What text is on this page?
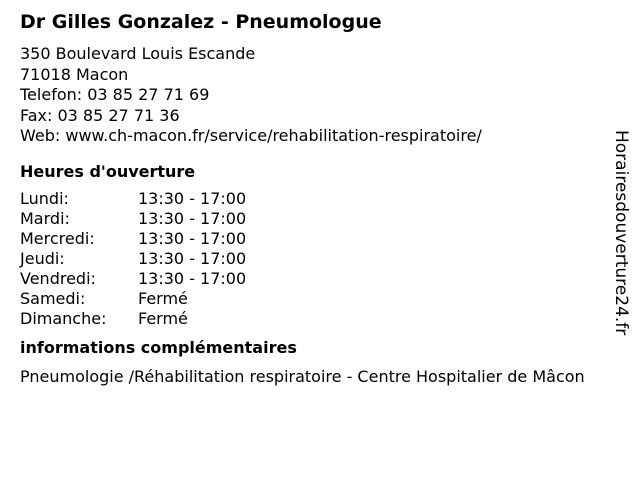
Dr Gilles Gonzalez - Pneumologue
350 Boulevard Louis Escande
71018 Macon
Telefon: 03 85 27 71 69
Fax: 03 85 27 71 36
Web: www.ch-macon.fr/service/rehabilitation-respiratoire/
Heures d'ouverture
Lundi:	13:30 - 17:00
Mardi:	13:30 - 17:00
Mercredi:	13:30 - 17:00
Jeudi:	13:30 - 17:00
Vendredi:	13:30 - 17:00
Samedi:	Fermé
Dimanche:	Fermé
informations complémentaires
Pneumologie /Réhabilitation respiratoire - Centre Hospitalier de Mâcon
Horairesdouverture24.fr
